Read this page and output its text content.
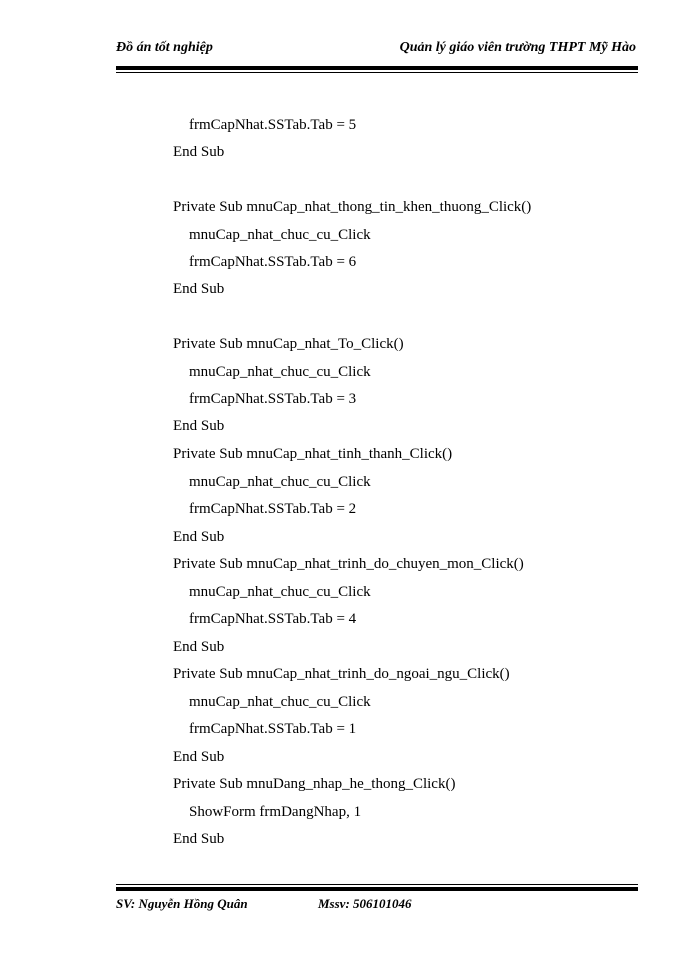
Đồ án tốt nghiệp	Quản lý giáo viên trường THPT Mỹ Hào
frmCapNhat.SSTab.Tab = 5
End Sub
Private Sub mnuCap_nhat_thong_tin_khen_thuong_Click()
mnuCap_nhat_chuc_cu_Click
frmCapNhat.SSTab.Tab = 6
End Sub
Private Sub mnuCap_nhat_To_Click()
mnuCap_nhat_chuc_cu_Click
frmCapNhat.SSTab.Tab = 3
End Sub
Private Sub mnuCap_nhat_tinh_thanh_Click()
mnuCap_nhat_chuc_cu_Click
frmCapNhat.SSTab.Tab = 2
End Sub
Private Sub mnuCap_nhat_trinh_do_chuyen_mon_Click()
mnuCap_nhat_chuc_cu_Click
frmCapNhat.SSTab.Tab = 4
End Sub
Private Sub mnuCap_nhat_trinh_do_ngoai_ngu_Click()
mnuCap_nhat_chuc_cu_Click
frmCapNhat.SSTab.Tab = 1
End Sub
Private Sub mnuDang_nhap_he_thong_Click()
ShowForm frmDangNhap, 1
End Sub
SV: Nguyễn Hồng Quân	Mssv: 506101046
